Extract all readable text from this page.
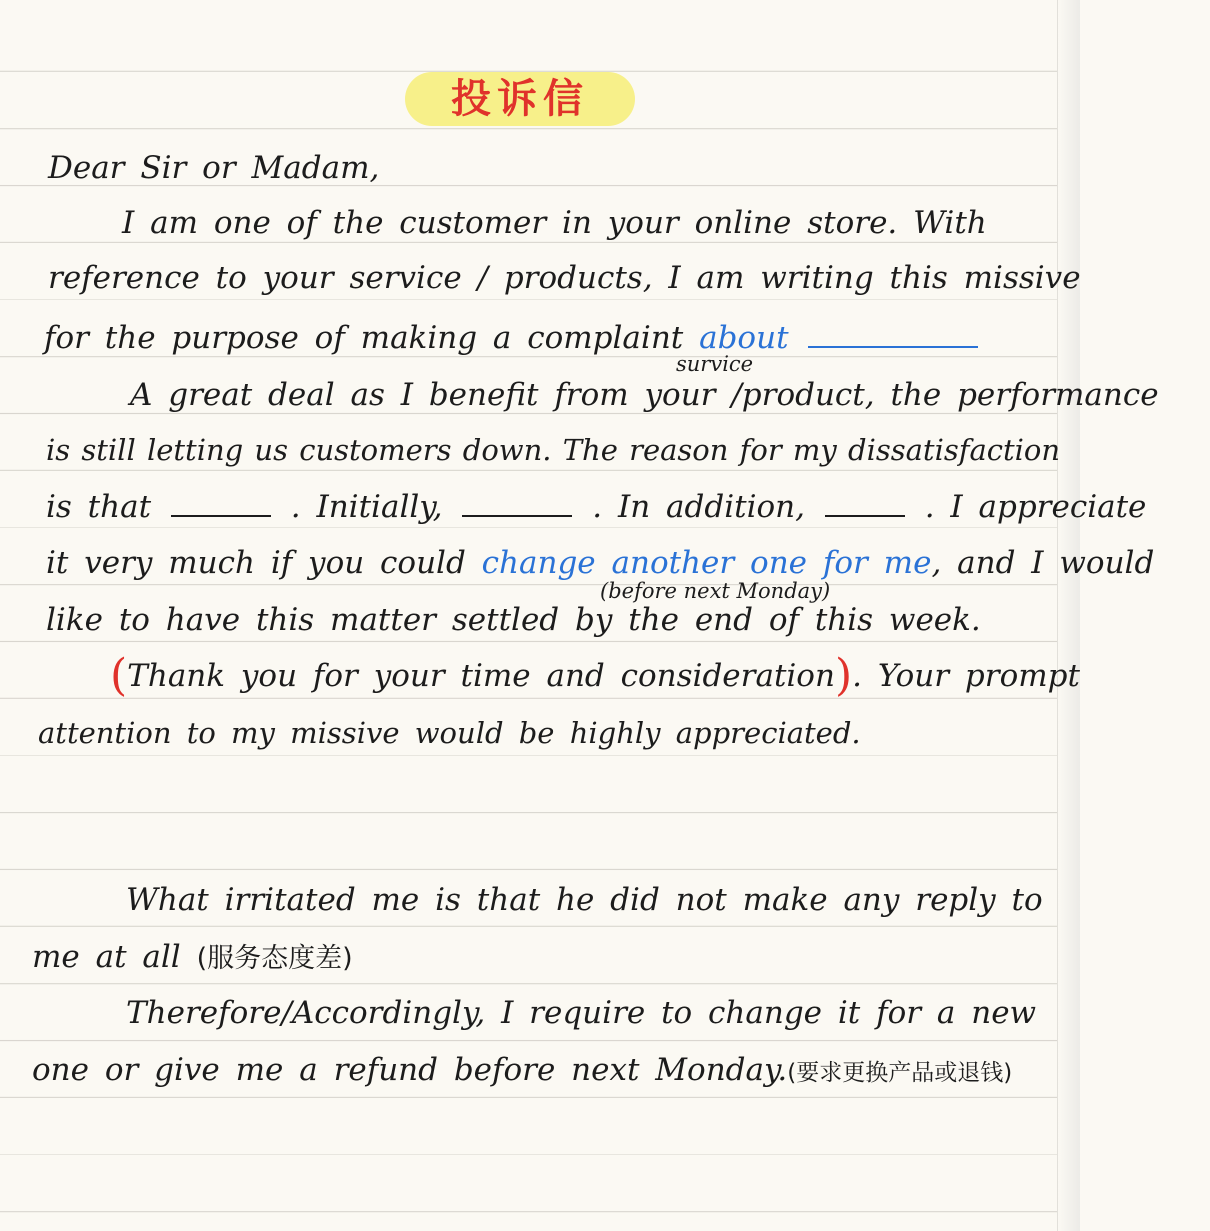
投诉信
Dear Sir or Madam,
I am one of the customer in your online store. With
reference to your service / products, I am writing this missive
for the purpose of making a complaint about
survice
A great deal as I benefit from your /product, the performance
is still letting us customers down. The reason for my dissatisfaction
is that	. Initially,	. In addition,	. I appreciate
it very much if you could change another one for me, and I would
(before next Monday)
like to have this matter settled by the end of this week.
(Thank you for your time and consideration). Your prompt
attention to my missive would be highly appreciated.
What irritated me is that he did not make any reply to
me at all (服务态度差)
Therefore/Accordingly, I require to change it for a new
one or give me a refund before next Monday.(要求更换产品或退钱)
